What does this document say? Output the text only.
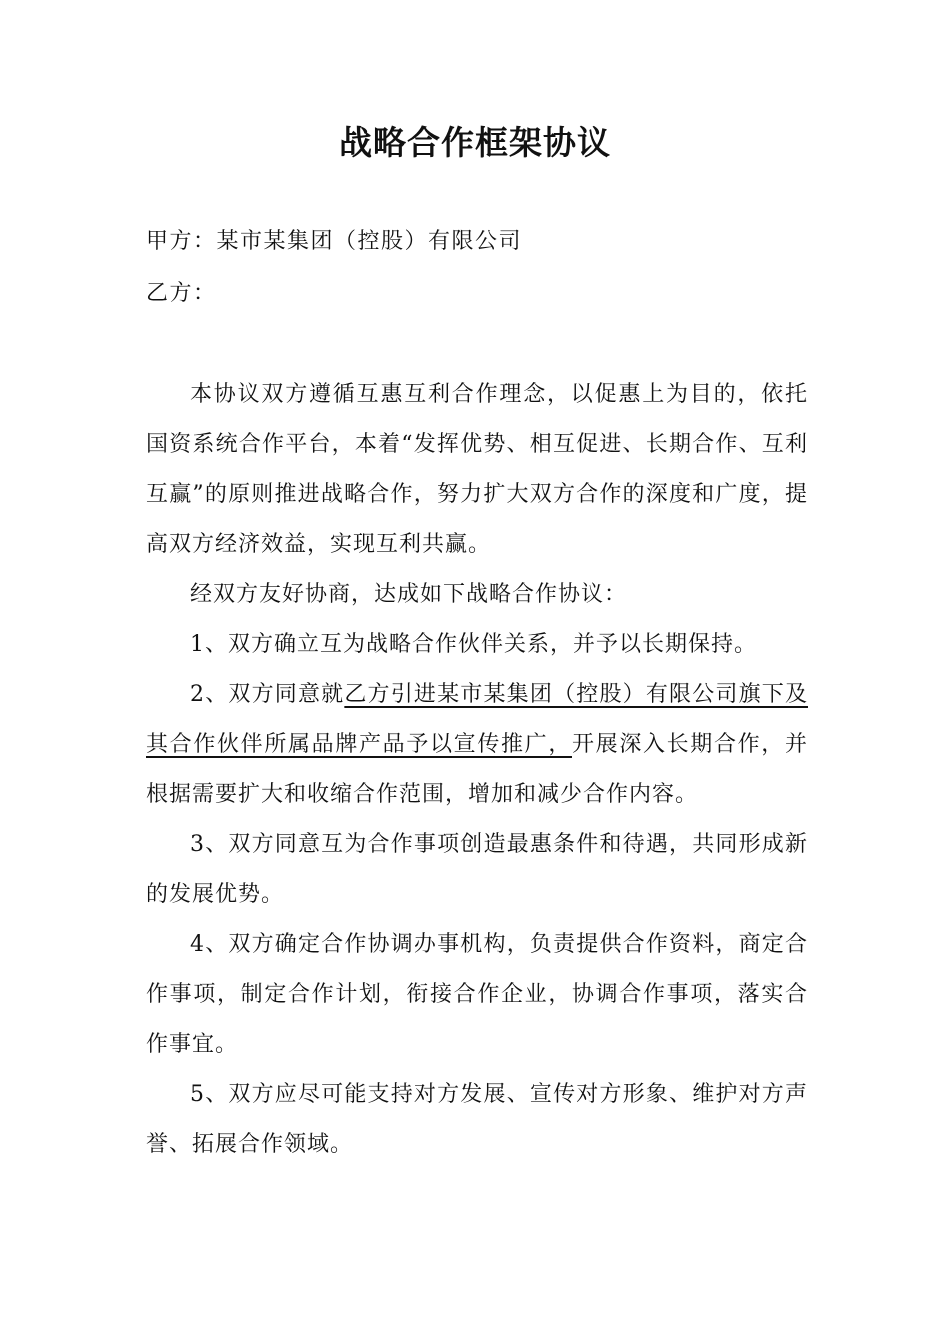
战略合作框架协议
甲方：某市某集团（控股）有限公司
乙方：

本协议双方遵循互惠互利合作理念，以促惠上为目的，依托国资系统合作平台，本着“发挥优势、相互促进、长期合作、互利互赢”的原则推进战略合作，努力扩大双方合作的深度和广度，提高双方经济效益，实现互利共赢。

经双方友好协商，达成如下战略合作协议：

1、双方确立互为战略合作伙伴关系，并予以长期保持。

2、双方同意就乙方引进某市某集团（控股）有限公司旗下及其合作伙伴所属品牌产品予以宣传推广，开展深入长期合作，并根据需要扩大和收缩合作范围，增加和减少合作内容。

3、双方同意互为合作事项创造最惠条件和待遇，共同形成新的发展优势。

4、双方确定合作协调办事机构，负责提供合作资料，商定合作事项，制定合作计划，衔接合作企业，协调合作事项，落实合作事宜。

5、双方应尽可能支持对方发展、宣传对方形象、维护对方声誉、拓展合作领域。
